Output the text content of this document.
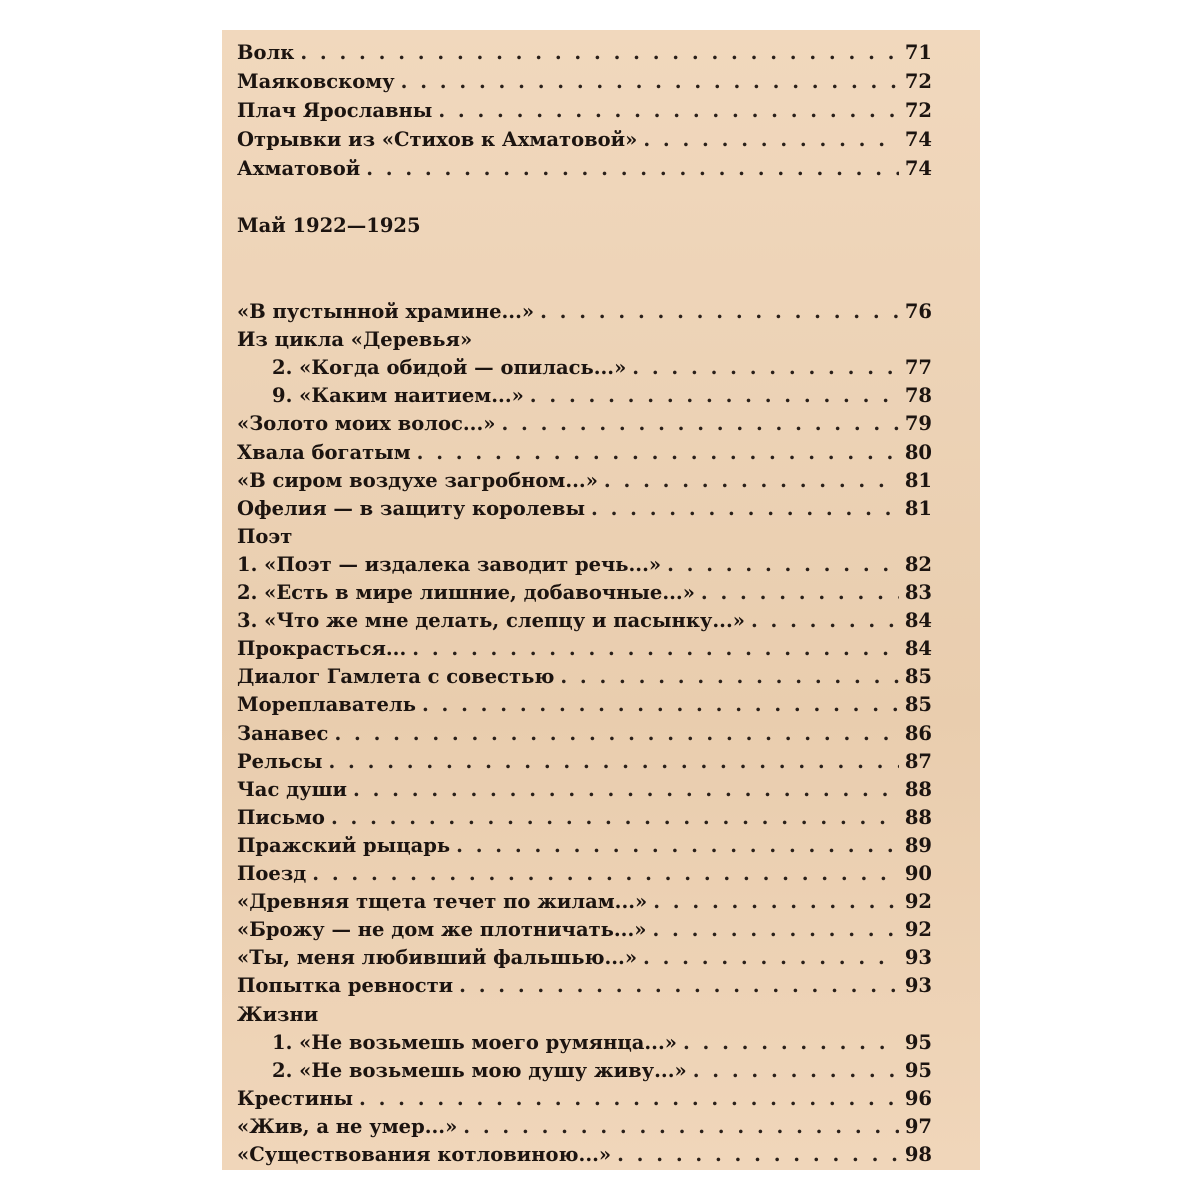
Волк . . .	71
Маяковскому . . .	72
Плач Ярославны . . .	72
Отрывки из «Стихов к Ахматовой» . . .	74
Ахматовой . . .	74
Май 1922—1925
«В пустынной храмине...» . . .	76
Из цикла «Деревья»
2. «Когда обидой — опилась...» . . .	77
9. «Каким наитием...» . . .	78
«Золото моих волос...» . . .	79
Хвала богатым . . .	80
«В сиром воздухе загробном...» . . .	81
Офелия — в защиту королевы . . .	81
Поэт
1. «Поэт — издалека заводит речь...» . . .	82
2. «Есть в мире лишние, добавочные...» . . .	83
3. «Что же мне делать, слепцу и пасынку...» . . .	84
Прокрасться... . . .	84
Диалог Гамлета с совестью . . .	85
Мореплаватель . . .	85
Занавес . . .	86
Рельсы . . .	87
Час души . . .	88
Письмо . . .	88
Пражский рыцарь . . .	89
Поезд . . .	90
«Древняя тщета течет по жилам...» . . .	92
«Брожу — не дом же плотничать...» . . .	92
«Ты, меня любивший фальшью...» . . .	93
Попытка ревности . . .	93
Жизни
1. «Не возьмешь моего румянца...» . . .	95
2. «Не возьмешь мою душу живу...» . . .	95
Крестины . . .	96
«Жив, а не умер...» . . .	97
«Существования котловиною...» . . .	98
